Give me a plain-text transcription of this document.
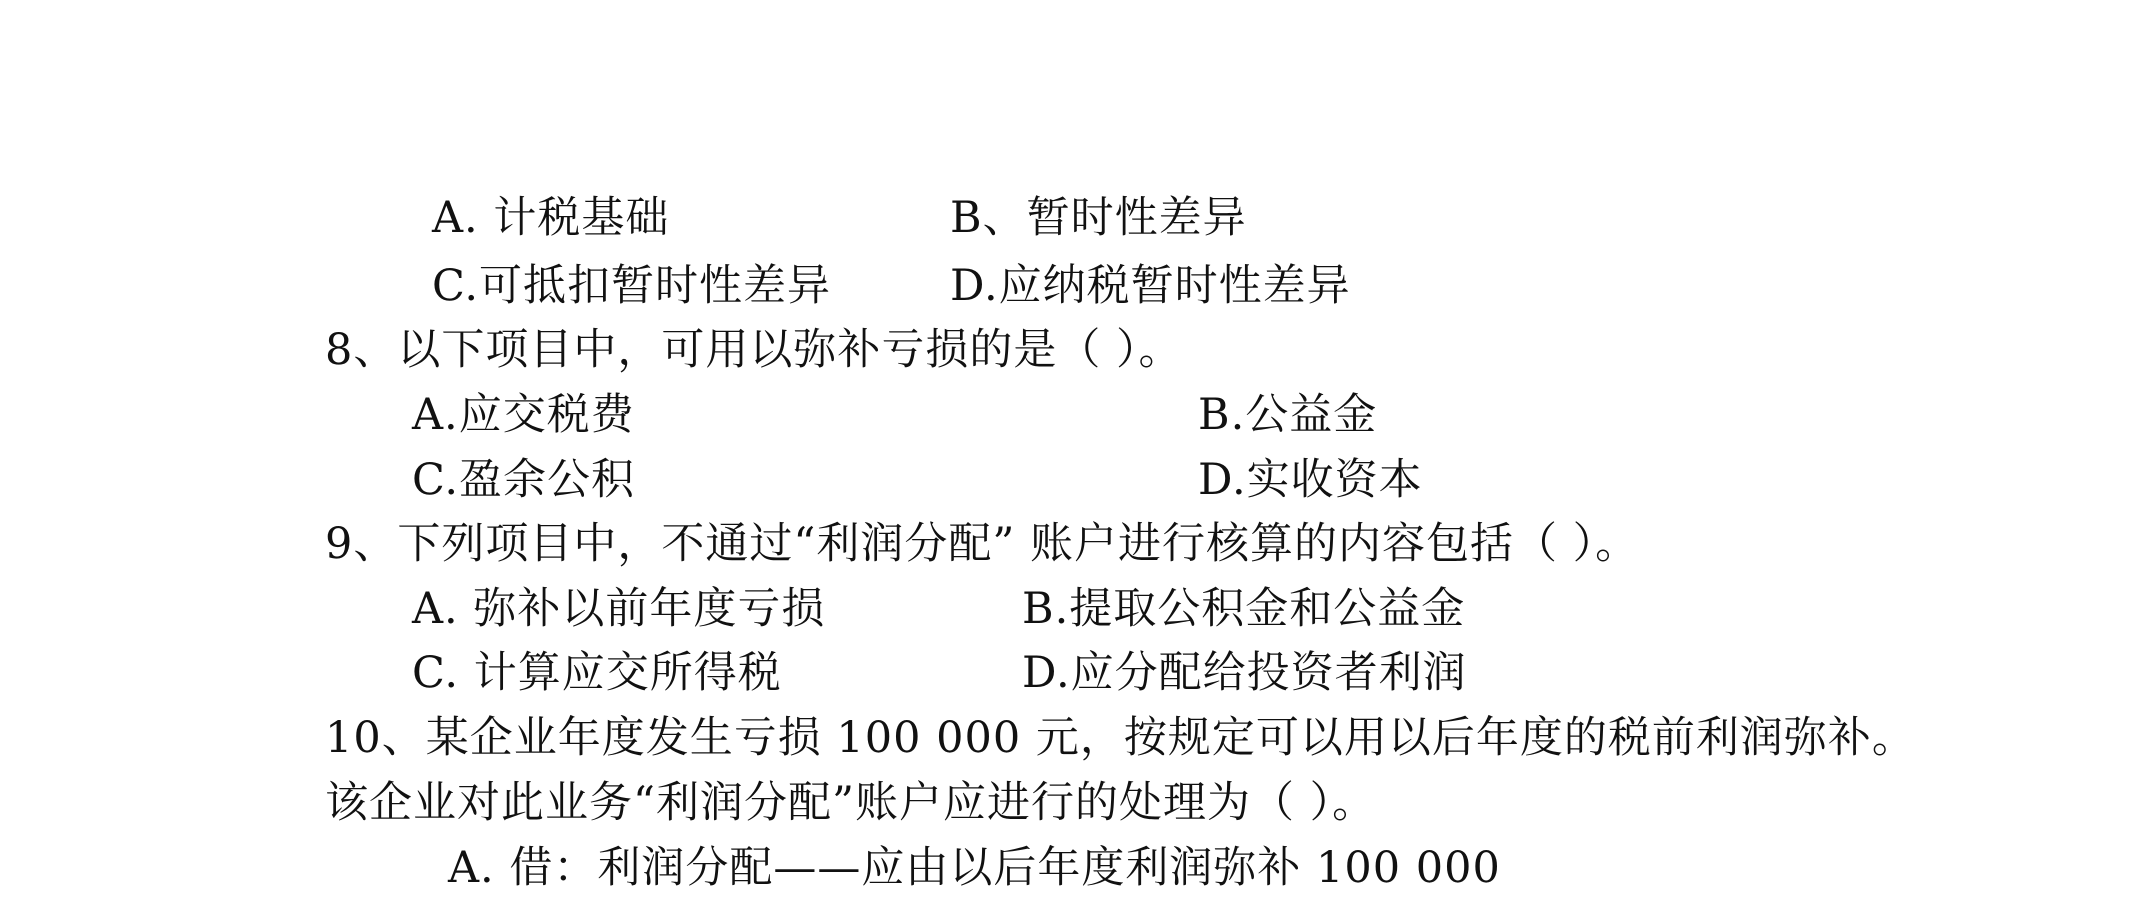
A. 计税基础	B、暂时性差异
C.可抵扣暂时性差异	D.应纳税暂时性差异
8、以下项目中，可用以弥补亏损的是（ ）。
A.应交税费	B.公益金
C.盈余公积	D.实收资本
9、下列项目中，不通过“利润分配” 账户进行核算的内容包括（ ）。
A. 弥补以前年度亏损	B.提取公积金和公益金
C. 计算应交所得税	D.应分配给投资者利润
10、某企业年度发生亏损 100 000 元，按规定可以用以后年度的税前利润弥补。
该企业对此业务“利润分配”账户应进行的处理为（ ）。
A. 借：利润分配——应由以后年度利润弥补 100 000
